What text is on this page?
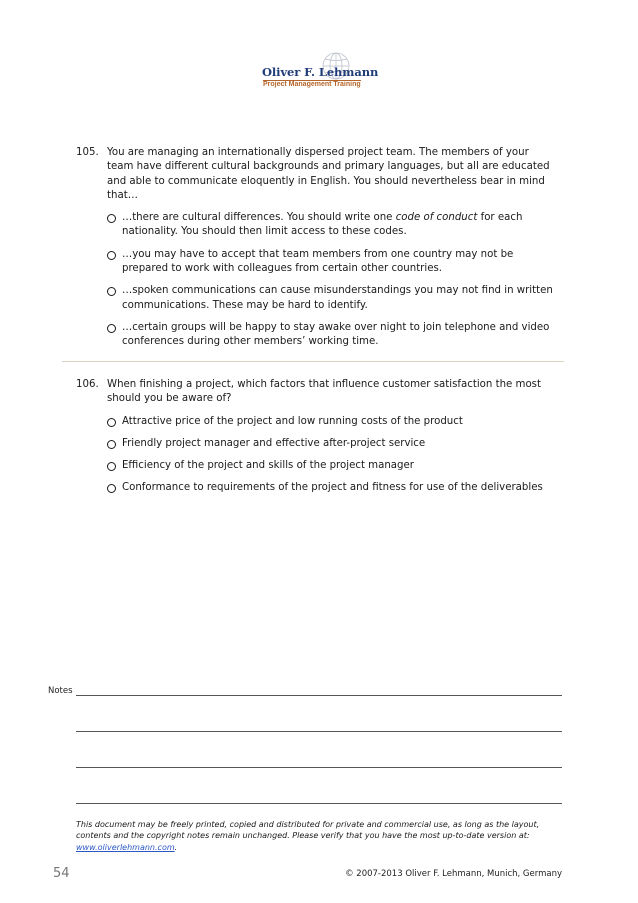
Oliver F. Lehmann
Project Management Training
105. You are managing an internationally dispersed project team. The members of your team have different cultural backgrounds and primary languages, but all are educated and able to communicate eloquently in English. You should nevertheless bear in mind that…
…there are cultural differences. You should write one code of conduct for each nationality. You should then limit access to these codes.
…you may have to accept that team members from one country may not be prepared to work with colleagues from certain other countries.
…spoken communications can cause misunderstandings you may not find in written communications. These may be hard to identify.
…certain groups will be happy to stay awake over night to join telephone and video conferences during other members’ working time.
106. When finishing a project, which factors that influence customer satisfaction the most should you be aware of?
Attractive price of the project and low running costs of the product
Friendly project manager and effective after-project service
Efficiency of the project and skills of the project manager
Conformance to requirements of the project and fitness for use of the deliverables
Notes
This document may be freely printed, copied and distributed for private and commercial use, as long as the layout, contents and the copyright notes remain unchanged. Please verify that you have the most up-to-date version at: www.oliverlehmann.com.
54	© 2007-2013 Oliver F. Lehmann, Munich, Germany
